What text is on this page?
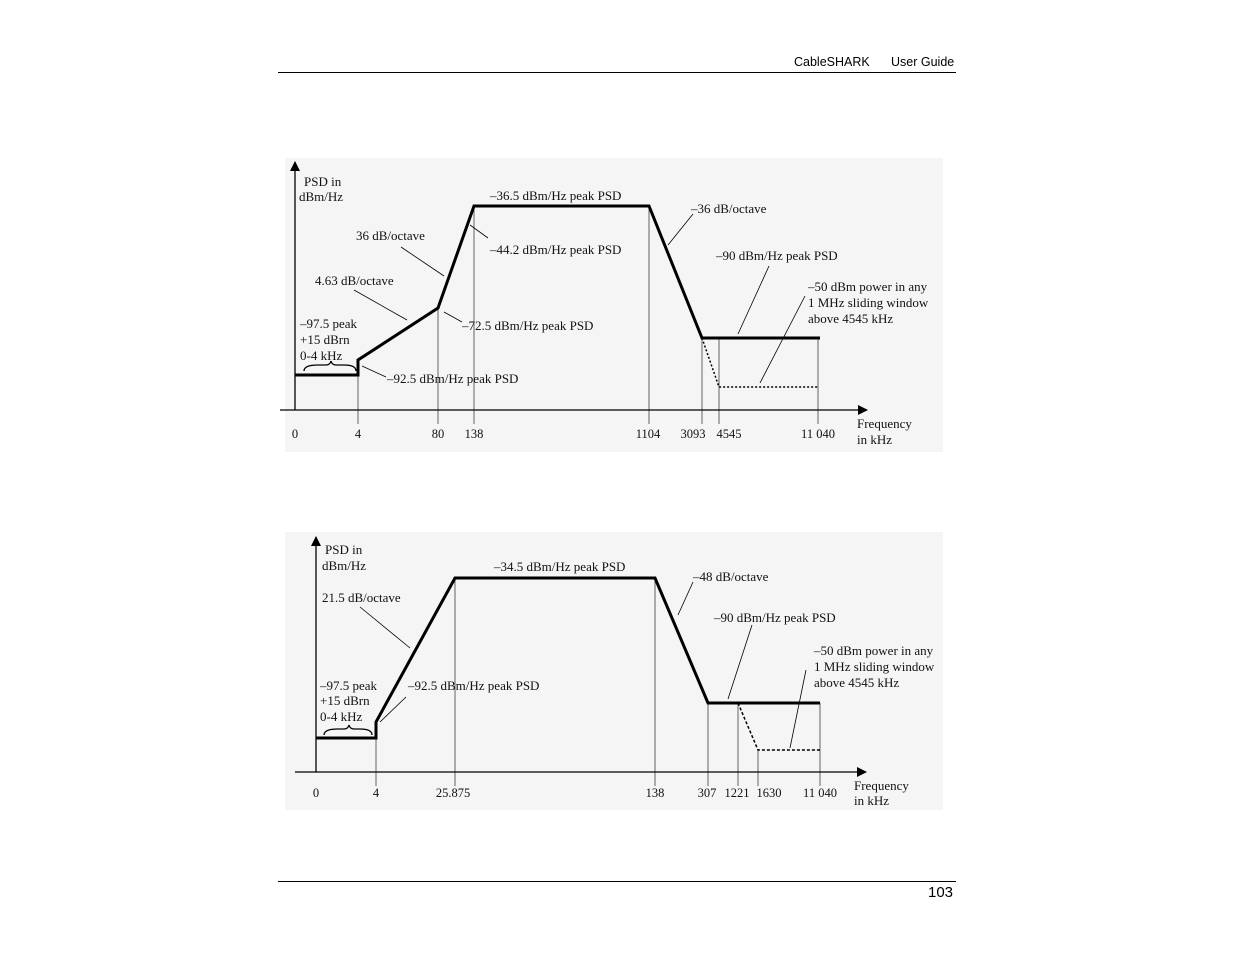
CableSHARK User Guide
PSD in
dBm/Hz	–36.5 dBm/Hz peak PSD
–36 dB/octave
36 dB/octave
–44.2 dBm/Hz peak PSD	–90 dBm/Hz peak PSD
4.63 dB/octave	–50 dBm power in any
1 MHz sliding window
above 4545 kHz
–97.5 peak	–72.5 dBm/Hz peak PSD
+15 dBrn
0-4 kHz
–92.5 dBm/Hz peak PSD
0	4	80 138	1104 3093 4545	11 040
Frequency
in kHz
PSD in
dBm/Hz	–34.5 dBm/Hz peak PSD
–48 dB/octave
21.5 dB/octave
–90 dBm/Hz peak PSD
–50 dBm power in any
1 MHz sliding window
above 4545 kHz
–97.5 peak –92.5 dBm/Hz peak PSD
+15 dBrn
0-4 kHz
0	4	25.875	138	307 1221 1630 11 040 Frequency
in kHz
103
